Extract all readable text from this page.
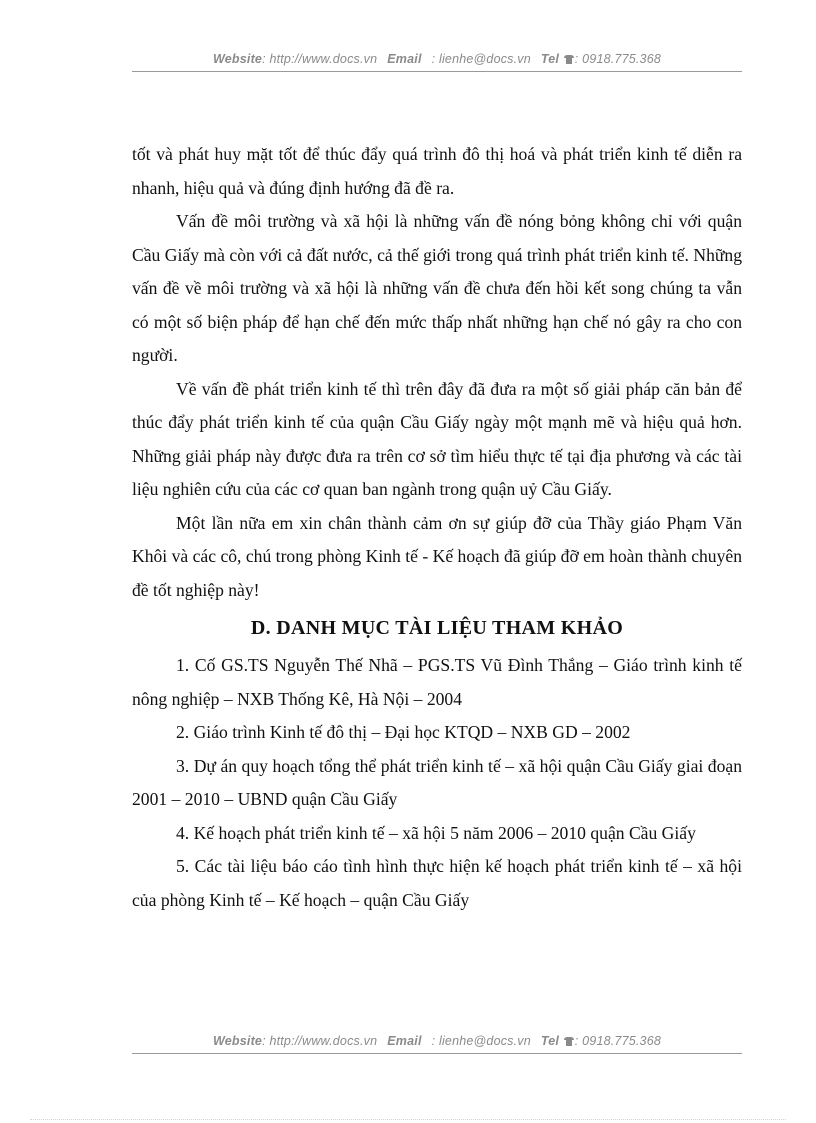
Website: http://www.docs.vn Email : lienhe@docs.vn Tel : 0918.775.368

tốt và phát huy mặt tốt để thúc đẩy quá trình đô thị hoá và phát triển kinh tế diễn ra nhanh, hiệu quả và đúng định hướng đã đề ra.

Vấn đề môi trường và xã hội là những vấn đề nóng bỏng không chỉ với quận Cầu Giấy mà còn với cả đất nước, cả thế giới trong quá trình phát triển kinh tế. Những vấn đề về môi trường và xã hội là những vấn đề chưa đến hồi kết song chúng ta vẫn có một số biện pháp để hạn chế đến mức thấp nhất những hạn chế nó gây ra cho con người.

Về vấn đề phát triển kinh tế thì trên đây đã đưa ra một số giải pháp căn bản để thúc đẩy phát triển kinh tế của quận Cầu Giấy ngày một mạnh mẽ và hiệu quả hơn. Những giải pháp này được đưa ra trên cơ sở tìm hiểu thực tế tại địa phương và các tài liệu nghiên cứu của các cơ quan ban ngành trong quận uỷ Cầu Giấy.

Một lần nữa em xin chân thành cảm ơn sự giúp đỡ của Thầy giáo Phạm Văn Khôi và các cô, chú trong phòng Kinh tế - Kế hoạch đã giúp đỡ em hoàn thành chuyên đề tốt nghiệp này!

D. DANH MỤC TÀI LIỆU THAM KHẢO

1. Cố GS.TS Nguyễn Thế Nhã – PGS.TS Vũ Đình Thắng – Giáo trình kinh tế nông nghiệp – NXB Thống Kê, Hà Nội – 2004

2. Giáo trình Kinh tế đô thị – Đại học KTQD – NXB GD – 2002

3. Dự án quy hoạch tổng thể phát triển kinh tế – xã hội quận Cầu Giấy giai đoạn 2001 – 2010 – UBND quận Cầu Giấy

4. Kế hoạch phát triển kinh tế – xã hội 5 năm 2006 – 2010 quận Cầu Giấy

5. Các tài liệu báo cáo tình hình thực hiện kế hoạch phát triển kinh tế – xã hội của phòng Kinh tế – Kế hoạch – quận Cầu Giấy

Website: http://www.docs.vn Email : lienhe@docs.vn Tel : 0918.775.368
